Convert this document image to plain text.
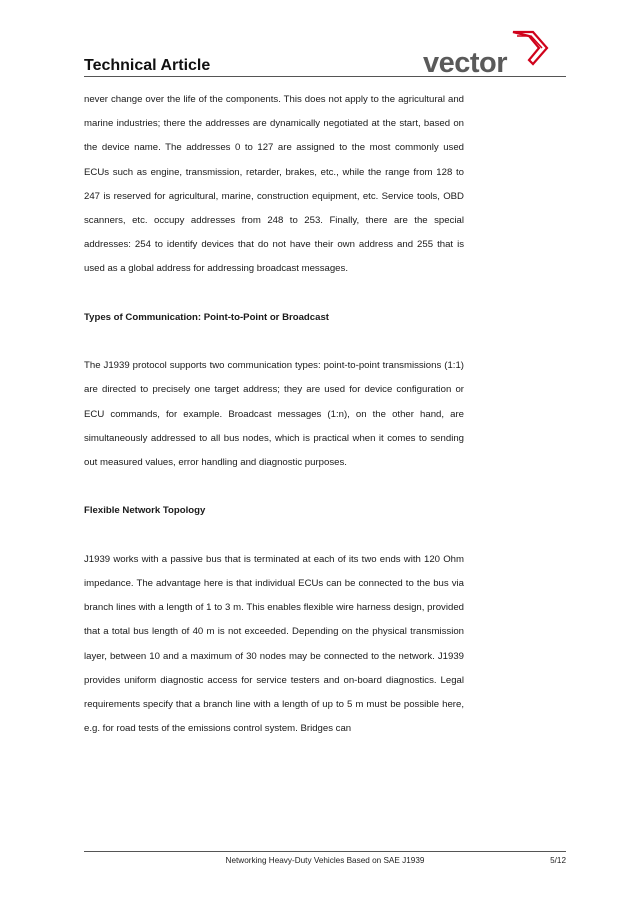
Technical Article	vector

never change over the life of the components. This does not apply to the agricultural and marine industries; there the addresses are dynamically negotiated at the start, based on the device name. The addresses 0 to 127 are assigned to the most commonly used ECUs such as engine, transmission, retarder, brakes, etc., while the range from 128 to 247 is reserved for agricultural, marine, construction equipment, etc. Service tools, OBD scanners, etc. occupy addresses from 248 to 253. Finally, there are the special addresses: 254 to identify devices that do not have their own address and 255 that is used as a global address for addressing broadcast messages.

Types of Communication: Point-to-Point or Broadcast

The J1939 protocol supports two communication types: point-to-point transmissions (1:1) are directed to precisely one target address; they are used for device configuration or ECU commands, for example. Broadcast messages (1:n), on the other hand, are simultaneously addressed to all bus nodes, which is practical when it comes to sending out measured values, error handling and diagnostic purposes.

Flexible Network Topology

J1939 works with a passive bus that is terminated at each of its two ends with 120 Ohm impedance. The advantage here is that individual ECUs can be connected to the bus via branch lines with a length of 1 to 3 m. This enables flexible wire harness design, provided that a total bus length of 40 m is not exceeded. Depending on the physical transmission layer, between 10 and a maximum of 30 nodes may be connected to the network. J1939 provides uniform diagnostic access for service testers and on-board diagnostics. Legal requirements specify that a branch line with a length of up to 5 m must be possible here, e.g. for road tests of the emissions control system. Bridges can

Networking Heavy-Duty Vehicles Based on SAE J1939	5/12
